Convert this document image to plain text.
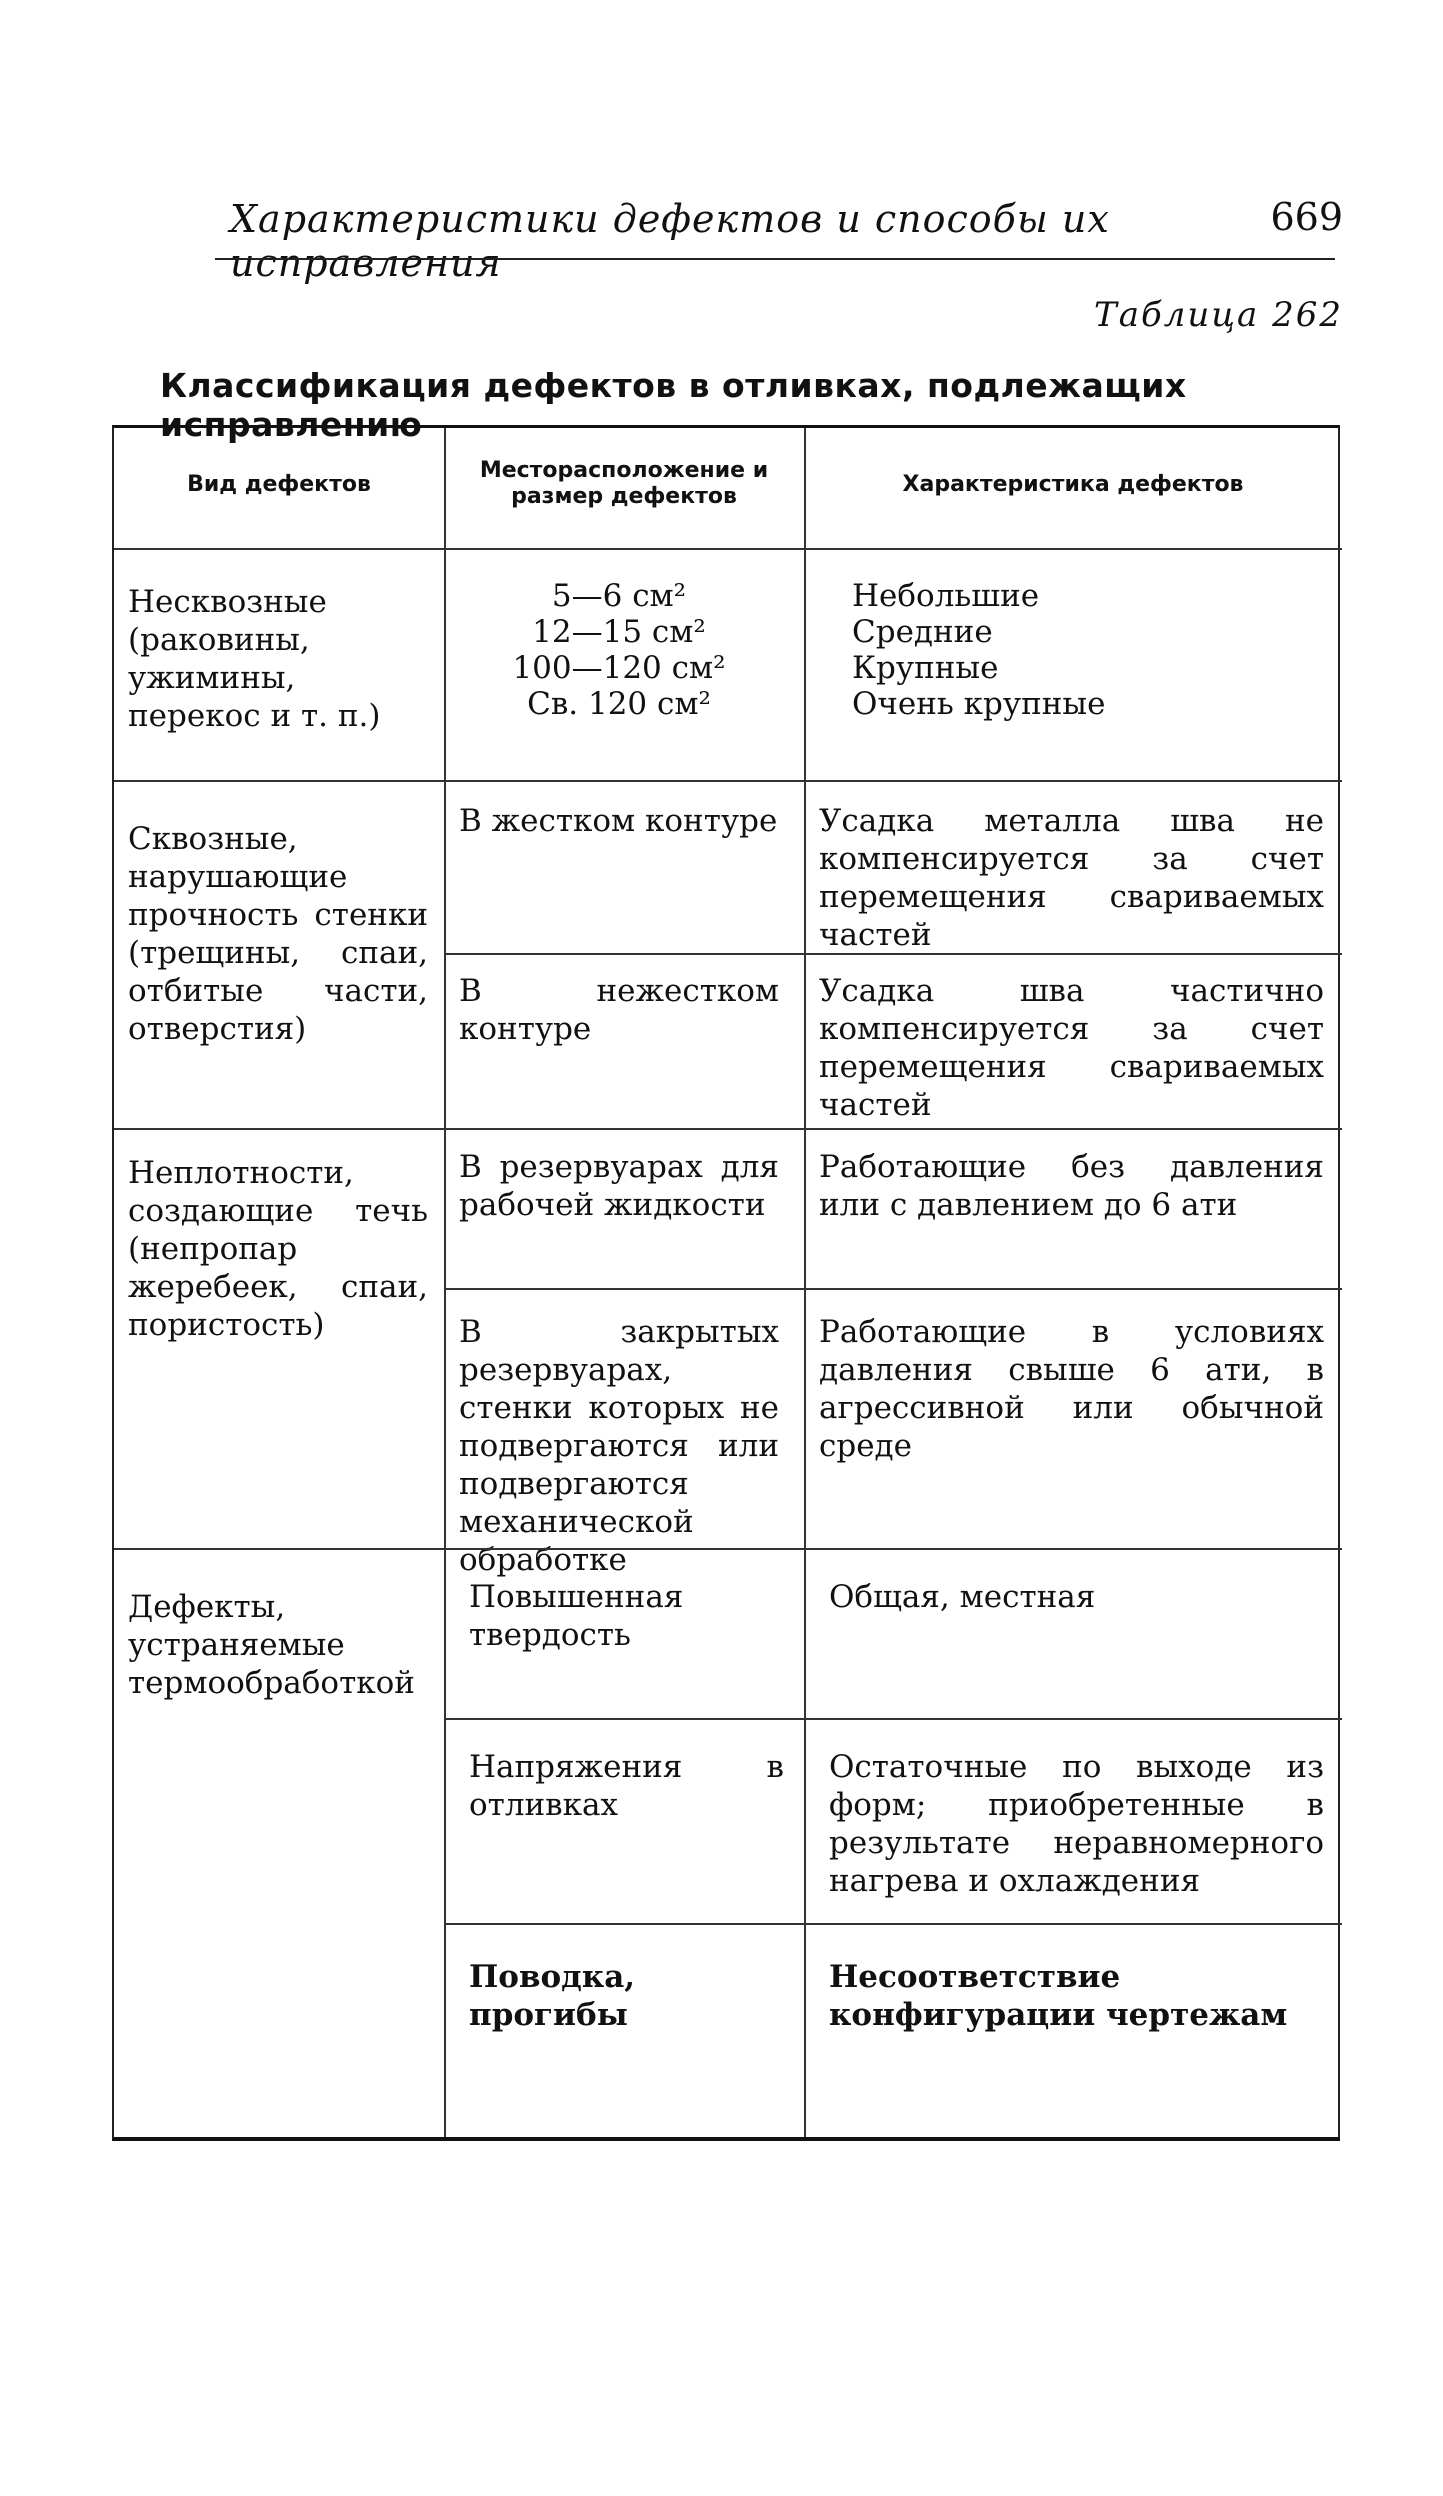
Характеристики дефектов и способы их исправления
669
Таблица 262
Классификация дефектов в отливках, подлежащих исправлению
Вид дефектов
Месторасположение и размер дефектов	Характеристика дефектов
Несквозные (раковины, ужимины, перекос и т. п.)
5—6 см²
12—15 см²
100—120 см²
Св. 120 см²
Небольшие
Средние
Крупные
Очень крупные
Сквозные, нарушающие прочность стенки (трещины, спаи, отбитые части, отверстия)
В жестком контуре Усадка металла шва не компенсируется за счет перемещения свариваемых частей
В нежестком контуре
Усадка шва частично компенсируется за счет перемещения свариваемых частей
Неплотности, создающие течь (непропар жеребеек, спаи, пористость)
В резервуарах для рабочей жидкости
Работающие без давления или с давлением до 6 ати
В закрытых резервуарах, стенки которых не подвергаются или подвергаются механической обработке
Работающие в условиях давления свыше 6 ати, в агрессивной или обычной среде
Дефекты, устраняемые термообработкой
Повышенная твердость
Общая, местная
Напряжения в отливках
Остаточные по выходе из форм; приобретенные в результате неравномерного нагрева и охлаждения
Поводка, прогибы
Несоответствие конфигурации чертежам
